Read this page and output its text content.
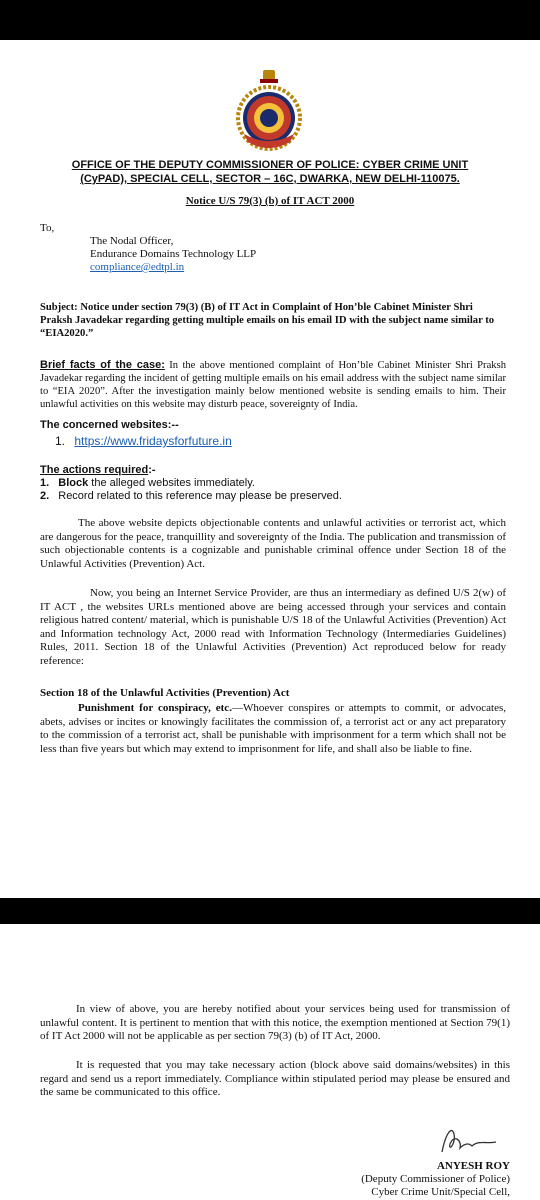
OFFICE OF THE DEPUTY COMMISSIONER OF POLICE: CYBER CRIME UNIT
(CyPAD), SPECIAL CELL, SECTOR – 16C, DWARKA, NEW DELHI-110075.
Notice U/S 79(3) (b) of IT ACT 2000
To,
The Nodal Officer,
Endurance Domains Technology LLP
compliance@edtpl.in
Subject: Notice under section 79(3) (B) of IT Act in Complaint of Hon’ble Cabinet Minister Shri Praksh Javadekar regarding getting multiple emails on his email ID with the subject name similar to “EIA2020.”
Brief facts of the case: In the above mentioned complaint of Hon’ble Cabinet Minister Shri Praksh Javadekar regarding the incident of getting multiple emails on his email address with the subject name similar to “EIA 2020”. After the investigation mainly below mentioned website is sending emails to him. Their unlawful activities on this website may disturb peace, sovereignty of India.
The concerned websites:--
1. https://www.fridaysforfuture.in
The actions required:-
1. Block the alleged websites immediately.
2. Record related to this reference may please be preserved.
The above website depicts objectionable contents and unlawful activities or terrorist act, which are dangerous for the peace, tranquillity and sovereignty of the India. The publication and transmission of such objectionable contents is a cognizable and punishable criminal offence under Section 18 of the Unlawful Activities (Prevention) Act.
Now, you being an Internet Service Provider, are thus an intermediary as defined U/S 2(w) of IT ACT , the websites URLs mentioned above are being accessed through your services and contain religious hatred content/ material, which is punishable U/S 18 of the Unlawful Activities (Prevention) Act and Information technology Act, 2000 read with Information Technology (Intermediaries Guidelines) Rules, 2011. Section 18 of the Unlawful Activities (Prevention) Act reproduced below for ready reference:
Section 18 of the Unlawful Activities (Prevention) Act
Punishment for conspiracy, etc.—Whoever conspires or attempts to commit, or advocates, abets, advises or incites or knowingly facilitates the commission of, a terrorist act or any act preparatory to the commission of a terrorist act, shall be punishable with imprisonment for a term which shall not be less than five years but which may extend to imprisonment for life, and shall also be liable to fine.
In view of above, you are hereby notified about your services being used for transmission of unlawful content. It is pertinent to mention that with this notice, the exemption mentioned at Section 79(1) of IT Act 2000 will not be applicable as per section 79(3) (b) of IT Act, 2000.
It is requested that you may take necessary action (block above said domains/websites) in this regard and send us a report immediately. Compliance within stipulated period may please be ensured and the same be communicated to this office.
ANYESH ROY
(Deputy Commissioner of Police)
Cyber Crime Unit/Special Cell,
